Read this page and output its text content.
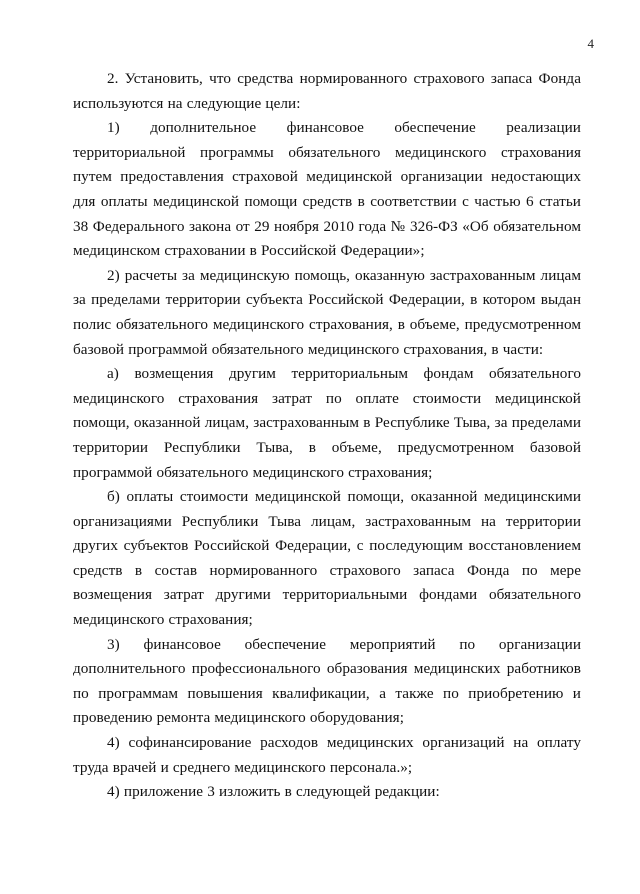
4

2. Установить, что средства нормированного страхового запаса Фонда используются на следующие цели:

1) дополнительное финансовое обеспечение реализации территориальной программы обязательного медицинского страхования путем предоставления страховой медицинской организации недостающих для оплаты медицинской помощи средств в соответствии с частью 6 статьи 38 Федерального закона от 29 ноября 2010 года № 326-ФЗ «Об обязательном медицинском страховании в Российской Федерации»;

2) расчеты за медицинскую помощь, оказанную застрахованным лицам за пределами территории субъекта Российской Федерации, в котором выдан полис обязательного медицинского страхования, в объеме, предусмотренном базовой программой обязательного медицинского страхования, в части:

а) возмещения другим территориальным фондам обязательного медицинского страхования затрат по оплате стоимости медицинской помощи, оказанной лицам, застрахованным в Республике Тыва, за пределами территории Республики Тыва, в объеме, предусмотренном базовой программой обязательного медицинского страхования;

б) оплаты стоимости медицинской помощи, оказанной медицинскими организациями Республики Тыва лицам, застрахованным на территории других субъектов Российской Федерации, с последующим восстановлением средств в состав нормированного страхового запаса Фонда по мере возмещения затрат другими территориальными фондами обязательного медицинского страхования;

3) финансовое обеспечение мероприятий по организации дополнительного профессионального образования медицинских работников по программам повышения квалификации, а также по приобретению и проведению ремонта медицинского оборудования;

4) софинансирование расходов медицинских организаций на оплату труда врачей и среднего медицинского персонала.»;

4) приложение 3 изложить в следующей редакции:
